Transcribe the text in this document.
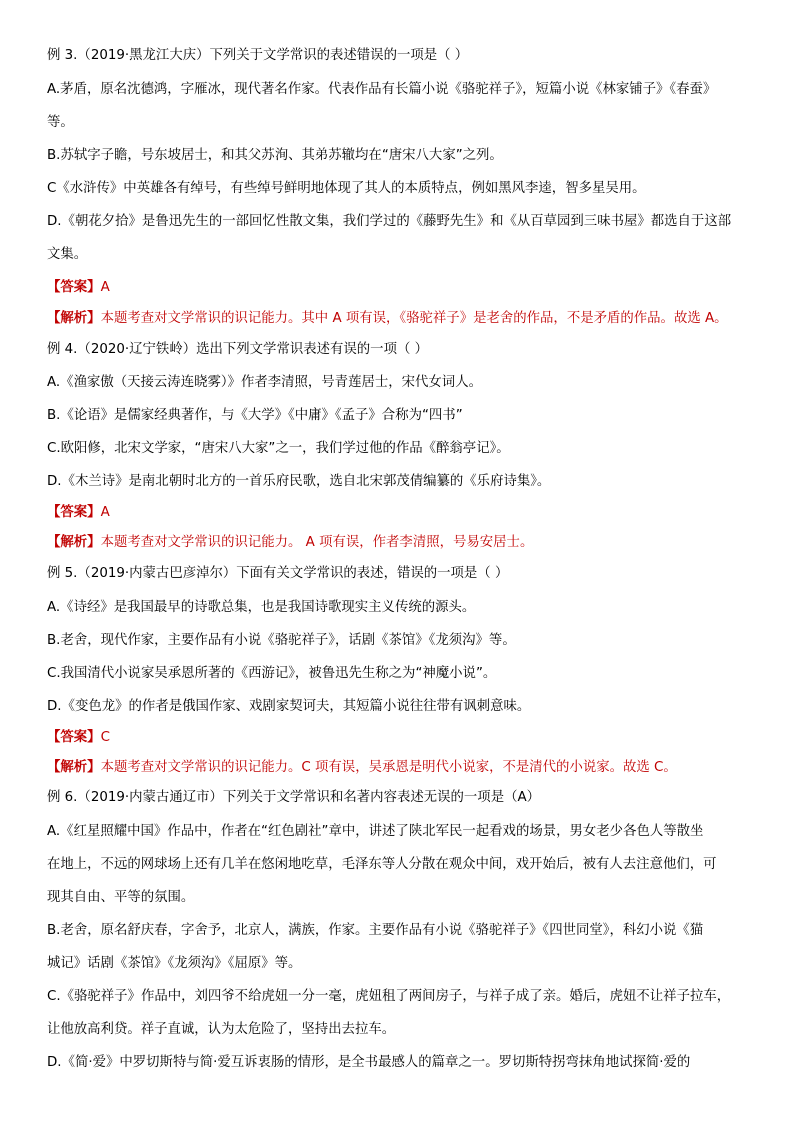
例 3.（2019·黑龙江大庆）下列关于文学常识的表述错误的一项是（ ）
A.茅盾，原名沈德鸿，字雁冰，现代著名作家。代表作品有长篇小说《骆驼祥子》，短篇小说《林家铺子》《春蚕》
等。
B.苏轼字子瞻，号东坡居士，和其父苏洵、其弟苏辙均在“唐宋八大家”之列。
C《水浒传》中英雄各有绰号，有些绰号鲜明地体现了其人的本质特点，例如黑风李逵，智多星吴用。
D.《朝花夕拾》是鲁迅先生的一部回忆性散文集，我们学过的《藤野先生》和《从百草园到三味书屋》都选自于这部
文集。
【答案】A
【解析】本题考查对文学常识的识记能力。其中 A 项有误，《骆驼祥子》是老舍的作品，不是矛盾的作品。故选 A。
例 4.（2020·辽宁铁岭）选出下列文学常识表述有误的一项（ ）
A.《渔家傲（天接云涛连晓雾）》作者李清照，号青莲居士，宋代女词人。
B.《论语》是儒家经典著作，与《大学》《中庸》《孟子》合称为“四书”
C.欧阳修，北宋文学家，“唐宋八大家”之一，我们学过他的作品《醉翁亭记》。
D.《木兰诗》是南北朝时北方的一首乐府民歌，选自北宋郭茂倩编纂的《乐府诗集》。
【答案】A
【解析】本题考查对文学常识的识记能力。 A 项有误，作者李清照，号易安居士。
例 5.（2019·内蒙古巴彦淖尔）下面有关文学常识的表述，错误的一项是（ ）
A.《诗经》是我国最早的诗歌总集，也是我国诗歌现实主义传统的源头。
B.老舍，现代作家，主要作品有小说《骆驼祥子》，话剧《茶馆》《龙须沟》等。
C.我国清代小说家吴承恩所著的《西游记》，被鲁迅先生称之为“神魔小说”。
D.《变色龙》的作者是俄国作家、戏剧家契诃夫，其短篇小说往往带有讽刺意味。
【答案】C
【解析】本题考查对文学常识的识记能力。C 项有误，吴承恩是明代小说家，不是清代的小说家。故选 C。
例 6.（2019·内蒙古通辽市）下列关于文学常识和名著内容表述无误的一项是（A）
A.《红星照耀中国》作品中，作者在“红色剧社”章中，讲述了陕北军民一起看戏的场景，男女老少各色人等散坐
在地上，不远的网球场上还有几羊在悠闲地吃草，毛泽东等人分散在观众中间，戏开始后，被有人去注意他们，可
现其自由、平等的氛围。
B.老舍，原名舒庆春，字舍予，北京人，满族，作家。主要作品有小说《骆驼祥子》《四世同堂》，科幻小说《猫
城记》话剧《茶馆》《龙须沟》《屈原》等。
C.《骆驼祥子》作品中，刘四爷不给虎妞一分一毫，虎妞租了两间房子，与祥子成了亲。婚后，虎妞不让祥子拉车，
让他放高利贷。祥子直诚，认为太危险了，坚持出去拉车。
D.《简·爱》中罗切斯特与简·爱互诉衷肠的情形，是全书最感人的篇章之一。罗切斯特拐弯抹角地试探简·爱的
